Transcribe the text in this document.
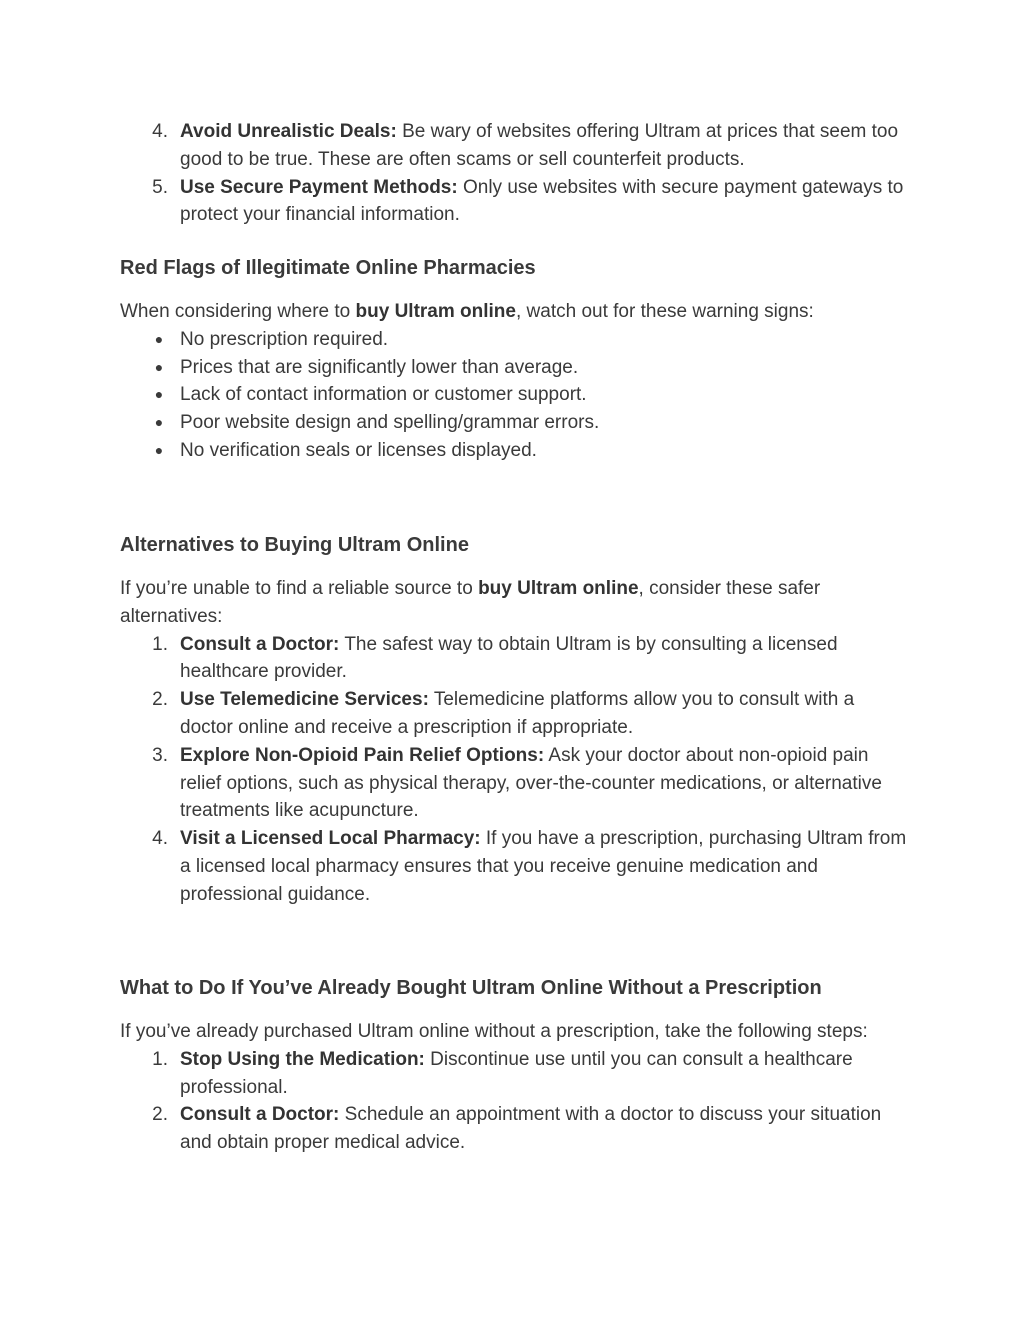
4. Avoid Unrealistic Deals: Be wary of websites offering Ultram at prices that seem too good to be true. These are often scams or sell counterfeit products.
5. Use Secure Payment Methods: Only use websites with secure payment gateways to protect your financial information.
Red Flags of Illegitimate Online Pharmacies

When considering where to buy Ultram online, watch out for these warning signs:

● No prescription required.
● Prices that are significantly lower than average.
● Lack of contact information or customer support.
● Poor website design and spelling/grammar errors.
● No verification seals or licenses displayed.
Alternatives to Buying Ultram Online

If you’re unable to find a reliable source to buy Ultram online, consider these safer alternatives:

1. Consult a Doctor: The safest way to obtain Ultram is by consulting a licensed healthcare provider.
2. Use Telemedicine Services: Telemedicine platforms allow you to consult with a doctor online and receive a prescription if appropriate.
3. Explore Non-Opioid Pain Relief Options: Ask your doctor about non-opioid pain relief options, such as physical therapy, over-the-counter medications, or alternative treatments like acupuncture.
4. Visit a Licensed Local Pharmacy: If you have a prescription, purchasing Ultram from a licensed local pharmacy ensures that you receive genuine medication and professional guidance.
What to Do If You’ve Already Bought Ultram Online Without a Prescription

If you’ve already purchased Ultram online without a prescription, take the following steps:

1. Stop Using the Medication: Discontinue use until you can consult a healthcare professional.
2. Consult a Doctor: Schedule an appointment with a doctor to discuss your situation and obtain proper medical advice.
